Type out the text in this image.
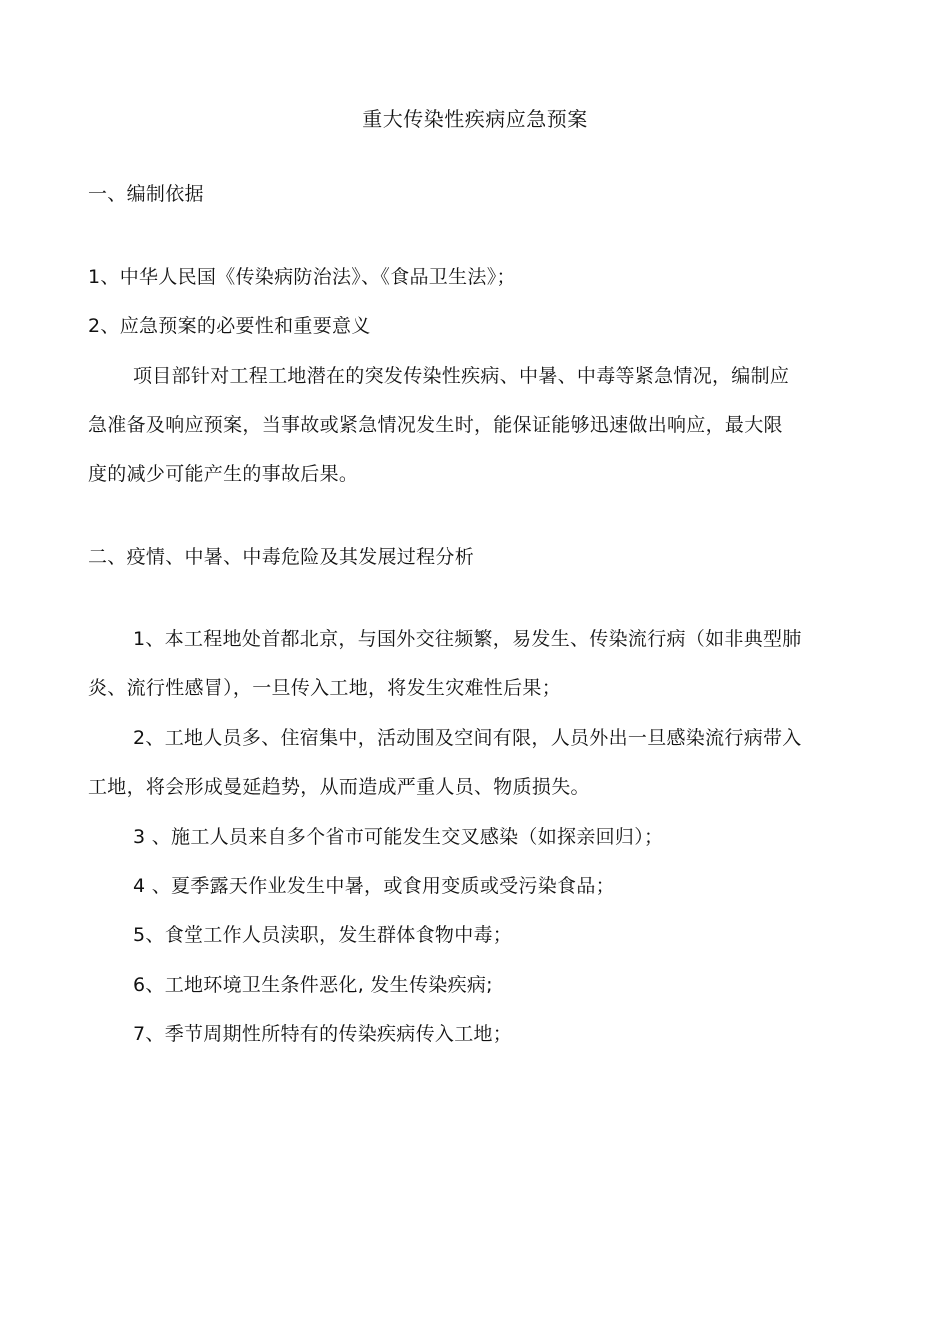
重大传染性疾病应急预案
一、编制依据
1、中华人民国《传染病防治法》、《食品卫生法》；
2、应急预案的必要性和重要意义
项目部针对工程工地潜在的突发传染性疾病、中暑、中毒等紧急情况，编制应
急准备及响应预案，当事故或紧急情况发生时，能保证能够迅速做出响应，最大限
度的减少可能产生的事故后果。
二、疫情、中暑、中毒危险及其发展过程分析
1、本工程地处首都北京，与国外交往频繁，易发生、传染流行病（如非典型肺
炎、流行性感冒），一旦传入工地，将发生灾难性后果；
2、工地人员多、住宿集中，活动围及空间有限，人员外出一旦感染流行病带入
工地，将会形成曼延趋势，从而造成严重人员、物质损失。
3 、施工人员来自多个省市可能发生交叉感染（如探亲回归）；
4 、夏季露天作业发生中暑，或食用变质或受污染食品；
5、食堂工作人员渎职，发生群体食物中毒；
6、工地环境卫生条件恶化, 发生传染疾病;
7、季节周期性所特有的传染疾病传入工地；
